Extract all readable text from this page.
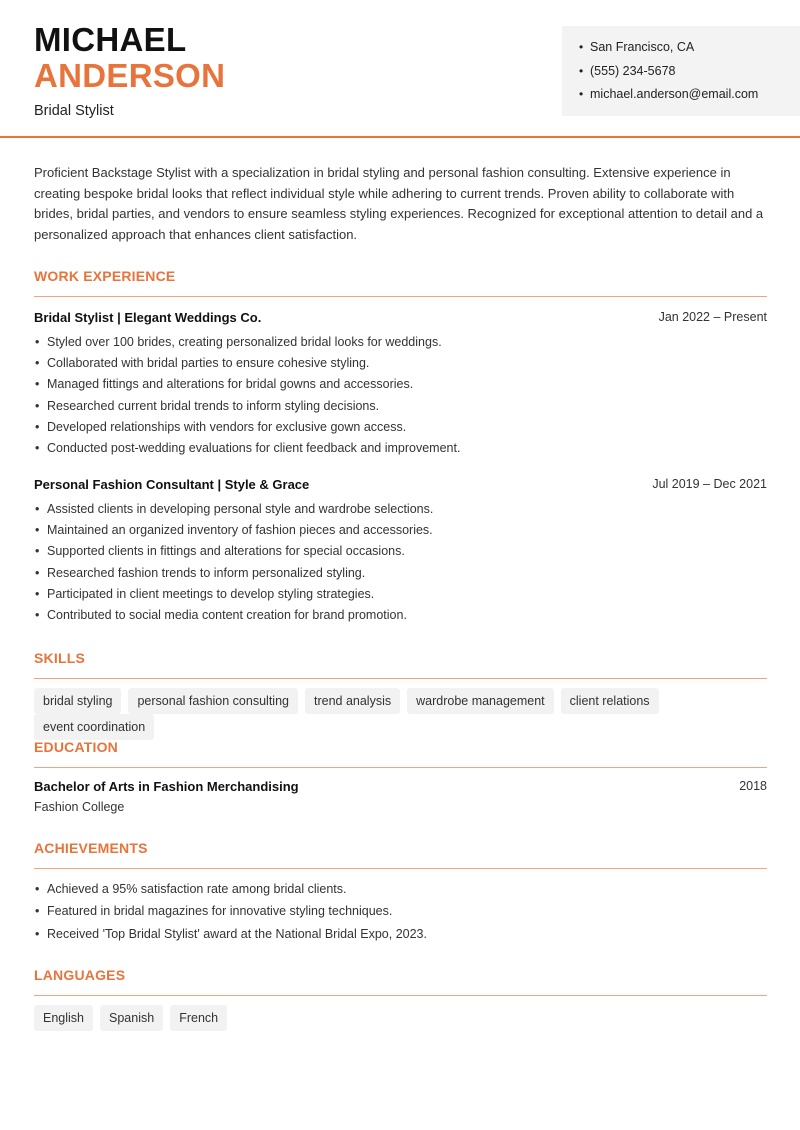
MICHAEL
ANDERSON
Bridal Stylist
• San Francisco, CA
• (555) 234-5678
• michael.anderson@email.com
Proficient Backstage Stylist with a specialization in bridal styling and personal fashion consulting. Extensive experience in creating bespoke bridal looks that reflect individual style while adhering to current trends. Proven ability to collaborate with brides, bridal parties, and vendors to ensure seamless styling experiences. Recognized for exceptional attention to detail and a personalized approach that enhances client satisfaction.
WORK EXPERIENCE
Bridal Stylist | Elegant Weddings Co.	Jan 2022 – Present
• Styled over 100 brides, creating personalized bridal looks for weddings.
• Collaborated with bridal parties to ensure cohesive styling.
• Managed fittings and alterations for bridal gowns and accessories.
• Researched current bridal trends to inform styling decisions.
• Developed relationships with vendors for exclusive gown access.
• Conducted post-wedding evaluations for client feedback and improvement.
Personal Fashion Consultant | Style & Grace	Jul 2019 – Dec 2021
• Assisted clients in developing personal style and wardrobe selections.
• Maintained an organized inventory of fashion pieces and accessories.
• Supported clients in fittings and alterations for special occasions.
• Researched fashion trends to inform personalized styling.
• Participated in client meetings to develop styling strategies.
• Contributed to social media content creation for brand promotion.
SKILLS
bridal styling	personal fashion consulting	trend analysis	wardrobe management	client relations
event coordination
EDUCATION
Bachelor of Arts in Fashion Merchandising	2018
Fashion College
ACHIEVEMENTS
• Achieved a 95% satisfaction rate among bridal clients.
• Featured in bridal magazines for innovative styling techniques.
• Received 'Top Bridal Stylist' award at the National Bridal Expo, 2023.
LANGUAGES
English	Spanish	French
